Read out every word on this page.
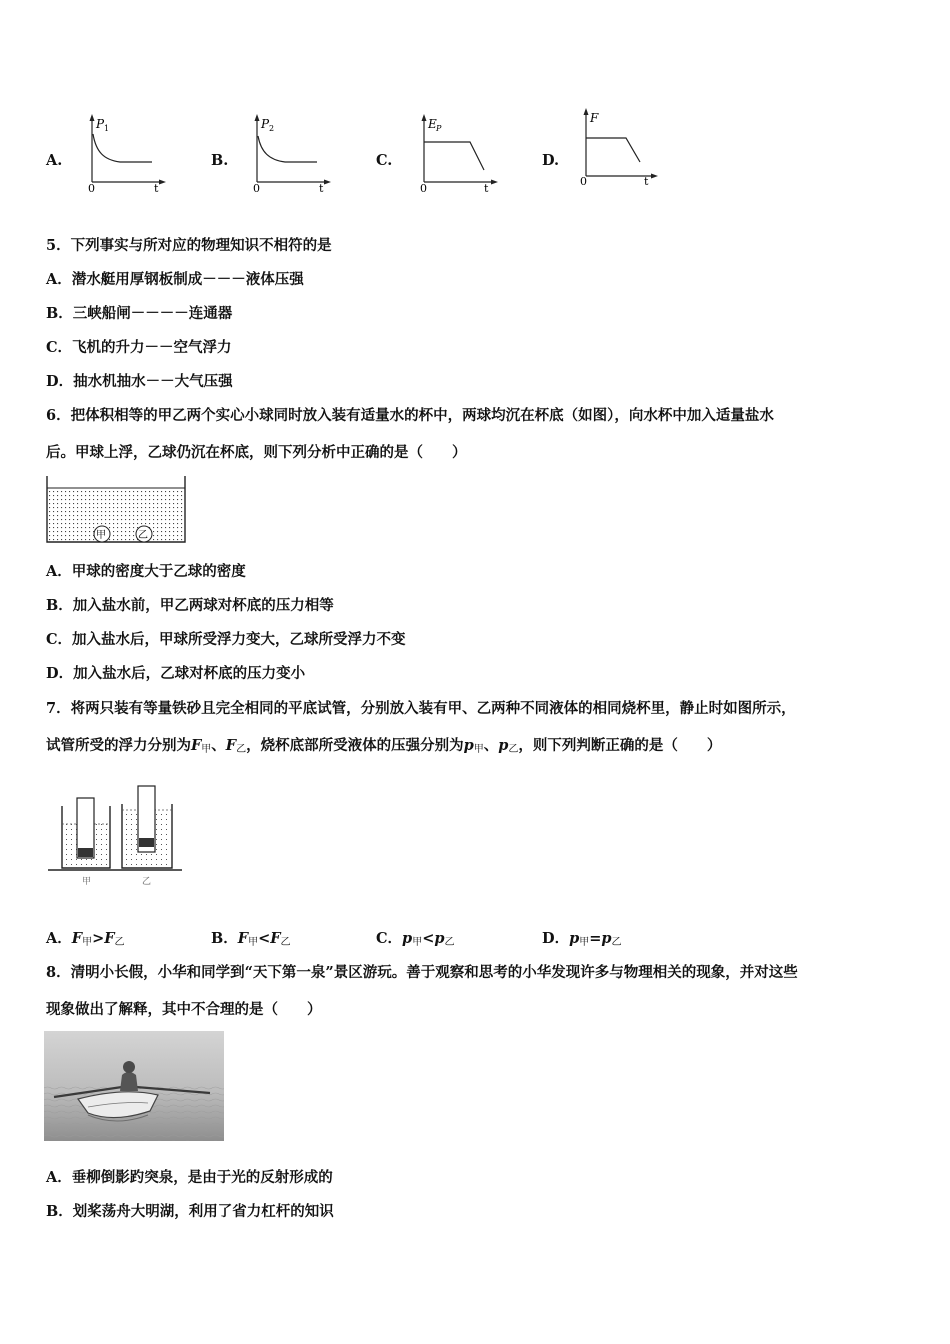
A.
P 1
0	t
B.
P 2
0	t
C.
E P
0	t
D.
F
0	t
5．下列事实与所对应的物理知识不相符的是
A．潜水艇用厚钢板制成－－－液体压强
B．三峡船闸－－－－连通器
C．飞机的升力－－空气浮力
D．抽水机抽水－－大气压强
6．把体积相等的甲乙两个实心小球同时放入装有适量水的杯中，两球均沉在杯底（如图），向水杯中加入适量盐水
后。甲球上浮，乙球仍沉在杯底，则下列分析中正确的是（　　）
甲	乙
A．甲球的密度大于乙球的密度
B．加入盐水前，甲乙两球对杯底的压力相等
C．加入盐水后，甲球所受浮力变大，乙球所受浮力不变
D．加入盐水后，乙球对杯底的压力变小
7．将两只装有等量铁砂且完全相同的平底试管，分别放入装有甲、乙两种不同液体的相同烧杯里，静止时如图所示，
试管所受的浮力分别为$F_甲$、$F_乙$，烧杯底部所受液体的压强分别为$p_甲$、$p_乙$，则下列判断正确的是（　　）
甲	乙
A．$F_甲>F_乙$	B．$F_甲<F_乙$	C．$p_甲<p_乙$	D．$p_甲=p_乙$
8．清明小长假，小华和同学到“天下第一泉”景区游玩。善于观察和思考的小华发现许多与物理相关的现象，并对这些
现象做出了解释，其中不合理的是（　　）
A．垂柳倒影趵突泉，是由于光的反射形成的
B．划桨荡舟大明湖，利用了省力杠杆的知识
